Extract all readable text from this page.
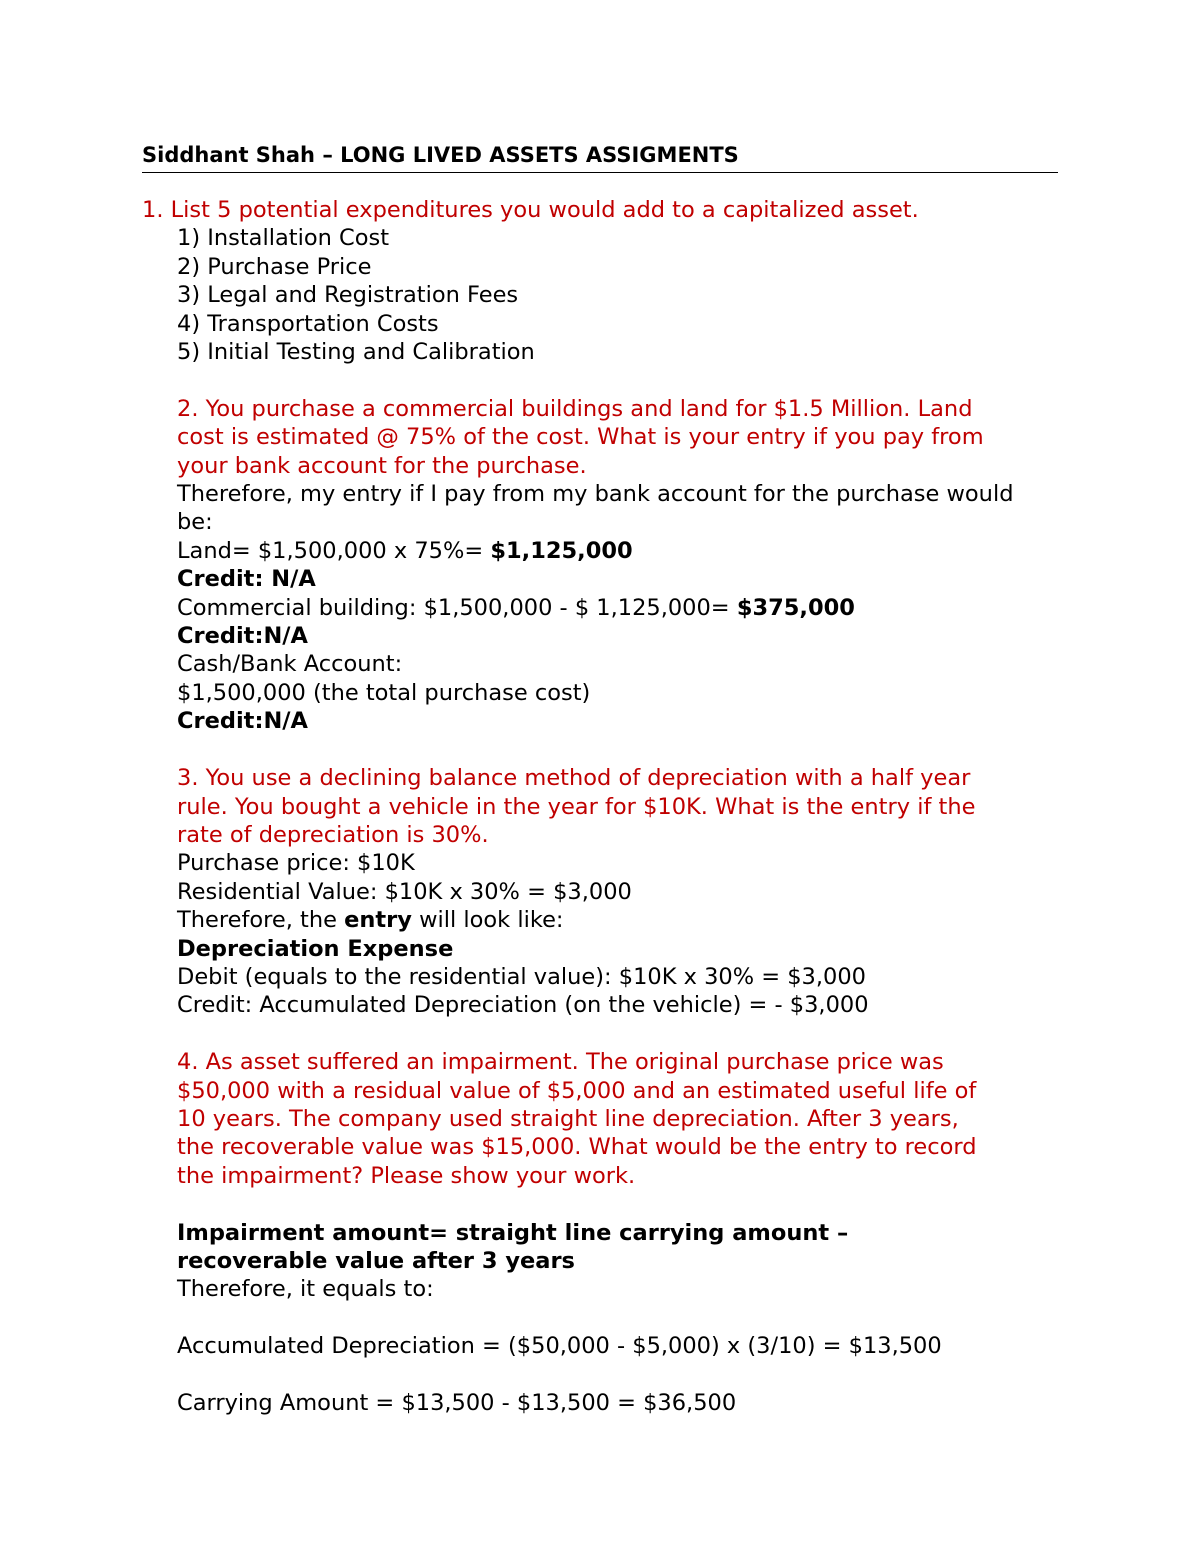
Siddhant Shah – LONG LIVED ASSETS ASSIGMENTS
1. List 5 potential expenditures you would add to a capitalized asset.
1) Installation Cost
2) Purchase Price
3) Legal and Registration Fees
4) Transportation Costs
5) Initial Testing and Calibration
2. You purchase a commercial buildings and land for $1.5 Million. Land
cost is estimated @ 75% of the cost. What is your entry if you pay from
your bank account for the purchase.
Therefore, my entry if I pay from my bank account for the purchase would
be:
Land= $1,500,000 x 75%= $1,125,000
Credit: N/A
Commercial building: $1,500,000 - $ 1,125,000= $375,000
Credit:N/A
Cash/Bank Account:
$1,500,000 (the total purchase cost)
Credit:N/A
3. You use a declining balance method of depreciation with a half year
rule. You bought a vehicle in the year for $10K. What is the entry if the
rate of depreciation is 30%.
Purchase price: $10K
Residential Value: $10K x 30% = $3,000
Therefore, the entry will look like:
Depreciation Expense
Debit (equals to the residential value): $10K x 30% = $3,000
Credit: Accumulated Depreciation (on the vehicle) = - $3,000
4. As asset suffered an impairment. The original purchase price was
$50,000 with a residual value of $5,000 and an estimated useful life of
10 years. The company used straight line depreciation. After 3 years,
the recoverable value was $15,000. What would be the entry to record
the impairment? Please show your work.
Impairment amount= straight line carrying amount –
recoverable value after 3 years
Therefore, it equals to:
Accumulated Depreciation = ($50,000 - $5,000) x (3/10) = $13,500
Carrying Amount = $13,500 - $13,500 = $36,500
